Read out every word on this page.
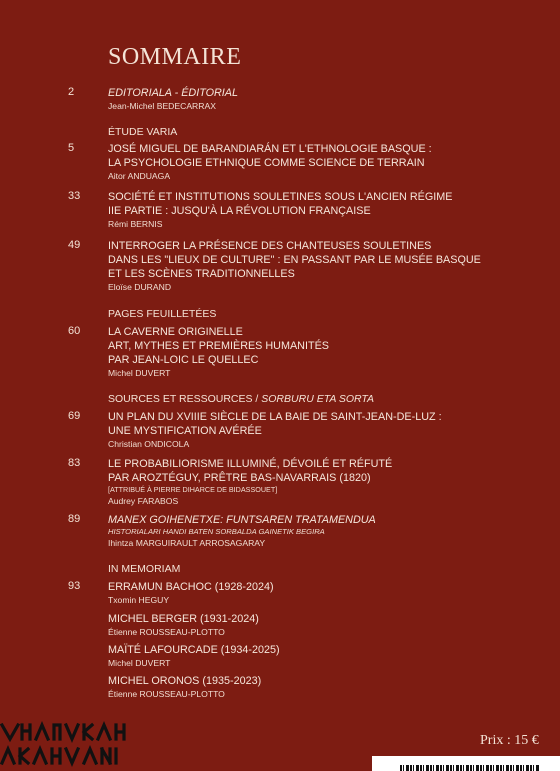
SOMMAIRE
2	EDITORIALA - ÉDITORIAL
Jean-Michel BEDECARRAX
ÉTUDE VARIA
5	JOSÉ MIGUEL DE BARANDIARÁN ET L'ETHNOLOGIE BASQUE :
LA PSYCHOLOGIE ETHNIQUE COMME SCIENCE DE TERRAIN
Aitor ANDUAGA
33	SOCIÉTÉ ET INSTITUTIONS SOULETINES SOUS L'ANCIEN RÉGIME
IIE PARTIE : JUSQU'À LA RÉVOLUTION FRANÇAISE
Rémi BERNIS
49	INTERROGER LA PRÉSENCE DES CHANTEUSES SOULETINES
DANS LES "LIEUX DE CULTURE" : EN PASSANT PAR LE MUSÉE BASQUE
ET LES SCÈNES TRADITIONNELLES
Eloïse DURAND
PAGES FEUILLETÉES
60	LA CAVERNE ORIGINELLE
ART, MYTHES ET PREMIÈRES HUMANITÉS
PAR JEAN-LOIC LE QUELLEC
Michel DUVERT
SOURCES ET RESSOURCES / SORBURU ETA SORTA
69	UN PLAN DU XVIIIE SIÈCLE DE LA BAIE DE SAINT-JEAN-DE-LUZ :
UNE MYSTIFICATION AVÉRÉE
Christian ONDICOLA
83	LE PROBABILIORISME ILLUMINÉ, DÉVOILÉ ET RÉFUTÉ
PAR AROZTÉGUY, PRÊTRE BAS-NAVARRAIS (1820)
[ATTRIBUÉ À PIERRE DIHARCE DE BIDASSOUET]
Audrey FARABOS
89	MANEX GOIHENETXE: FUNTSAREN TRATAMENDUA
HISTORIALARI HANDI BATEN SORBALDA GAINETIK BEGIRA
Ihintza MARGUIRAULT ARROSAGARAY
IN MEMORIAM
93	ERRAMUN BACHOC (1928-2024)
Txomin HEGUY
MICHEL BERGER (1931-2024)
Étienne ROUSSEAU-PLOTTO
MAÏTÉ LAFOURCADE (1934-2025)
Michel DUVERT
MICHEL ORONOS (1935-2023)
Étienne ROUSSEAU-PLOTTO
Prix : 15 €
